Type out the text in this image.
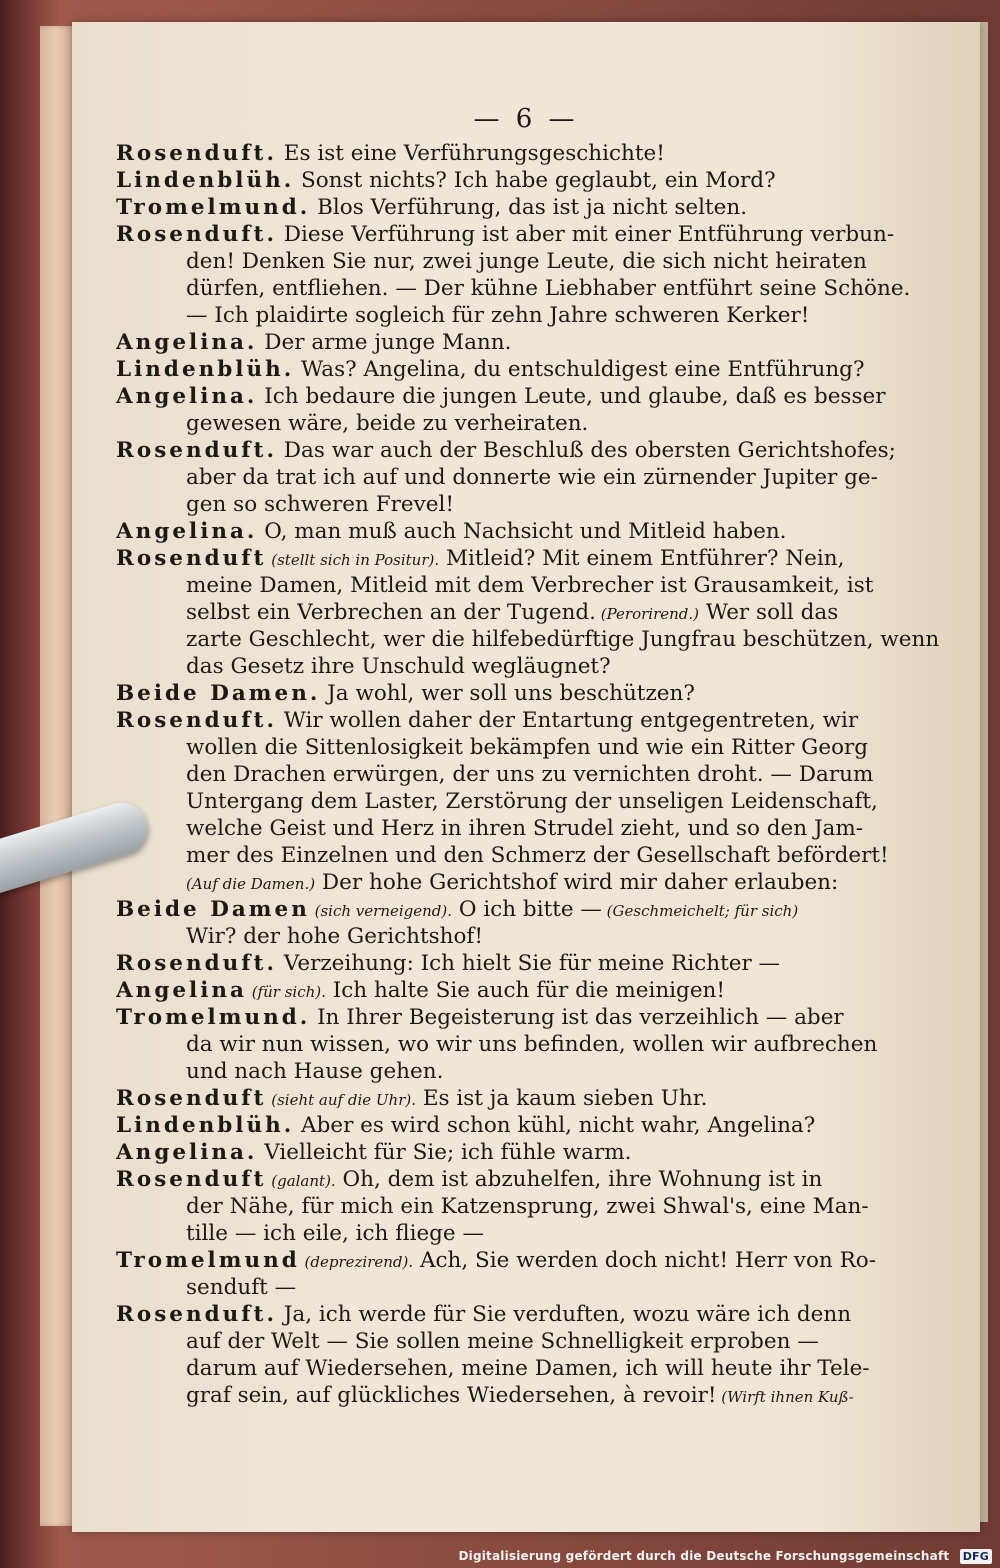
— 6 —
Rosenduft. Es ist eine Verführungsgeschichte!
Lindenblüh. Sonst nichts? Ich habe geglaubt, ein Mord?
Tromelmund. Blos Verführung, das ist ja nicht selten.
Rosenduft. Diese Verführung ist aber mit einer Entführung verbun-
den! Denken Sie nur, zwei junge Leute, die sich nicht heiraten
dürfen, entfliehen. — Der kühne Liebhaber entführt seine Schöne.
— Ich plaidirte sogleich für zehn Jahre schweren Kerker!
Angelina. Der arme junge Mann.
Lindenblüh. Was? Angelina, du entschuldigest eine Entführung?
Angelina. Ich bedaure die jungen Leute, und glaube, daß es besser
gewesen wäre, beide zu verheiraten.
Rosenduft. Das war auch der Beschluß des obersten Gerichtshofes;
aber da trat ich auf und donnerte wie ein zürnender Jupiter ge-
gen so schweren Frevel!
Angelina. O, man muß auch Nachsicht und Mitleid haben.
Rosenduft (stellt sich in Positur). Mitleid? Mit einem Entführer? Nein,
meine Damen, Mitleid mit dem Verbrecher ist Grausamkeit, ist
selbst ein Verbrechen an der Tugend. (Perorirend.) Wer soll das
zarte Geschlecht, wer die hilfebedürftige Jungfrau beschützen, wenn
das Gesetz ihre Unschuld wegläugnet?
Beide Damen. Ja wohl, wer soll uns beschützen?
Rosenduft. Wir wollen daher der Entartung entgegentreten, wir
wollen die Sittenlosigkeit bekämpfen und wie ein Ritter Georg
den Drachen erwürgen, der uns zu vernichten droht. — Darum
Untergang dem Laster, Zerstörung der unseligen Leidenschaft,
welche Geist und Herz in ihren Strudel zieht, und so den Jam-
mer des Einzelnen und den Schmerz der Gesellschaft befördert!
(Auf die Damen.) Der hohe Gerichtshof wird mir daher erlauben:
Beide Damen (sich verneigend). O ich bitte — (Geschmeichelt; für sich)
Wir? der hohe Gerichtshof!
Rosenduft. Verzeihung: Ich hielt Sie für meine Richter —
Angelina (für sich). Ich halte Sie auch für die meinigen!
Tromelmund. In Ihrer Begeisterung ist das verzeihlich — aber
da wir nun wissen, wo wir uns befinden, wollen wir aufbrechen
und nach Hause gehen.
Rosenduft (sieht auf die Uhr). Es ist ja kaum sieben Uhr.
Lindenblüh. Aber es wird schon kühl, nicht wahr, Angelina?
Angelina. Vielleicht für Sie; ich fühle warm.
Rosenduft (galant). Oh, dem ist abzuhelfen, ihre Wohnung ist in
der Nähe, für mich ein Katzensprung, zwei Shwal's, eine Man-
tille — ich eile, ich fliege —
Tromelmund (deprezirend). Ach, Sie werden doch nicht! Herr von Ro-
senduft —
Rosenduft. Ja, ich werde für Sie verduften, wozu wäre ich denn
auf der Welt — Sie sollen meine Schnelligkeit erproben —
darum auf Wiedersehen, meine Damen, ich will heute ihr Tele-
graf sein, auf glückliches Wiedersehen, à revoir! (Wirft ihnen Kuß-
Digitalisierung gefördert durch die Deutsche Forschungsgemeinschaft DFG
